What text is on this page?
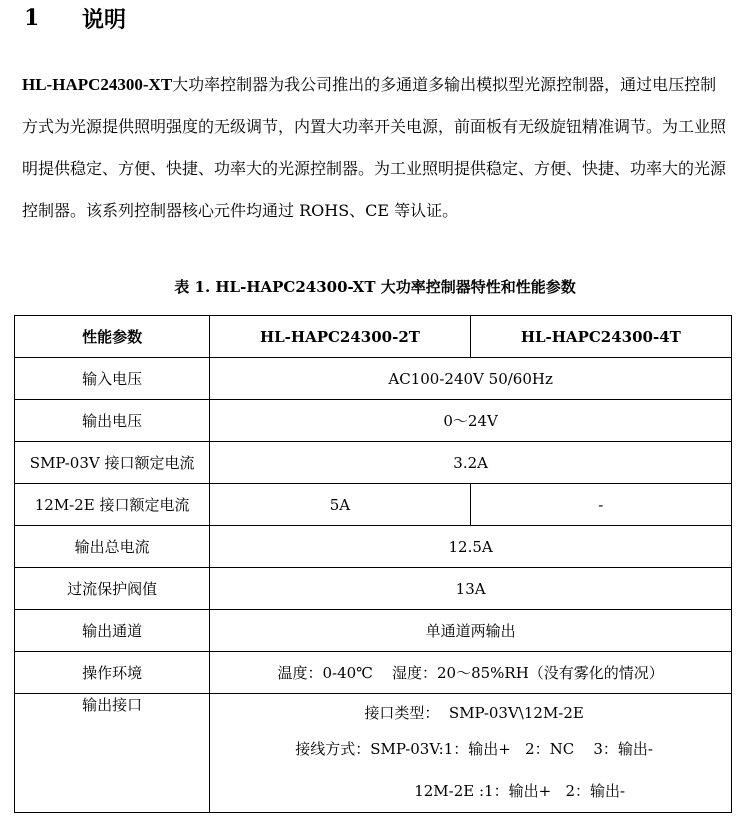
1	说明
HL-HAPC24300-XT大功率控制器为我公司推出的多通道多输出模拟型光源控制器，通过电压控制方式为光源提供照明强度的无级调节，内置大功率开关电源，前面板有无级旋钮精准调节。为工业照明提供稳定、方便、快捷、功率大的光源控制器。为工业照明提供稳定、方便、快捷、功率大的光源控制器。该系列控制器核心元件均通过 ROHS、CE 等认证。
表 1. HL-HAPC24300-XT 大功率控制器特性和性能参数
性能参数	HL-HAPC24300-2T	HL-HAPC24300-4T
输入电压	AC100-240V 50/60Hz	
输出电压	0～24V	
SMP-03V 接口额定电流	3.2A	
12M-2E 接口额定电流	5A	-
输出总电流	12.5A	
过流保护阀值	13A	
输出通道	单通道两输出	
操作环境	温度：0-40℃    湿度：20～85%RH（没有雾化的情况）	
输出接口	接口类型：  SMP-03V\12M-2E
接线方式：SMP-03V:1：输出+   2：NC    3：输出-
12M-2E :1：输出+   2：输出-	
